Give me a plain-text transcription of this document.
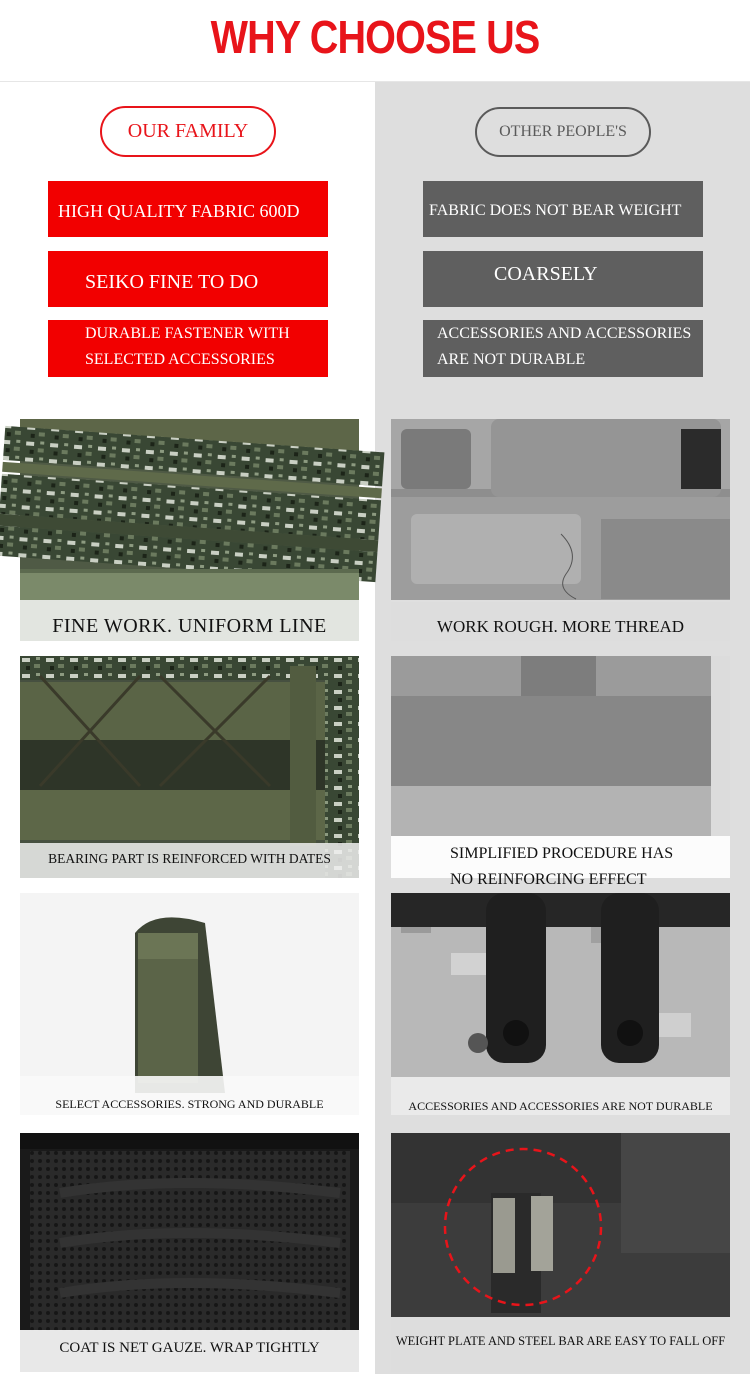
WHY CHOOSE US
OUR FAMILY	OTHER PEOPLE'S
HIGH QUALITY FABRIC 600D
SEIKO FINE TO DO
DURABLE FASTENER WITH
SELECTED ACCESSORIES
FABRIC DOES NOT BEAR WEIGHT
COARSELY
ACCESSORIES AND ACCESSORIES
ARE NOT DURABLE
FINE WORK. UNIFORM LINE	WORK ROUGH. MORE THREAD
BEARING PART IS REINFORCED WITH DATES	SIMPLIFIED PROCEDURE HAS
NO REINFORCING EFFECT
SELECT ACCESSORIES. STRONG AND DURABLE	ACCESSORIES AND ACCESSORIES ARE NOT DURABLE
COAT IS NET GAUZE. WRAP TIGHTLY	WEIGHT PLATE AND STEEL BAR ARE EASY TO FALL OFF
